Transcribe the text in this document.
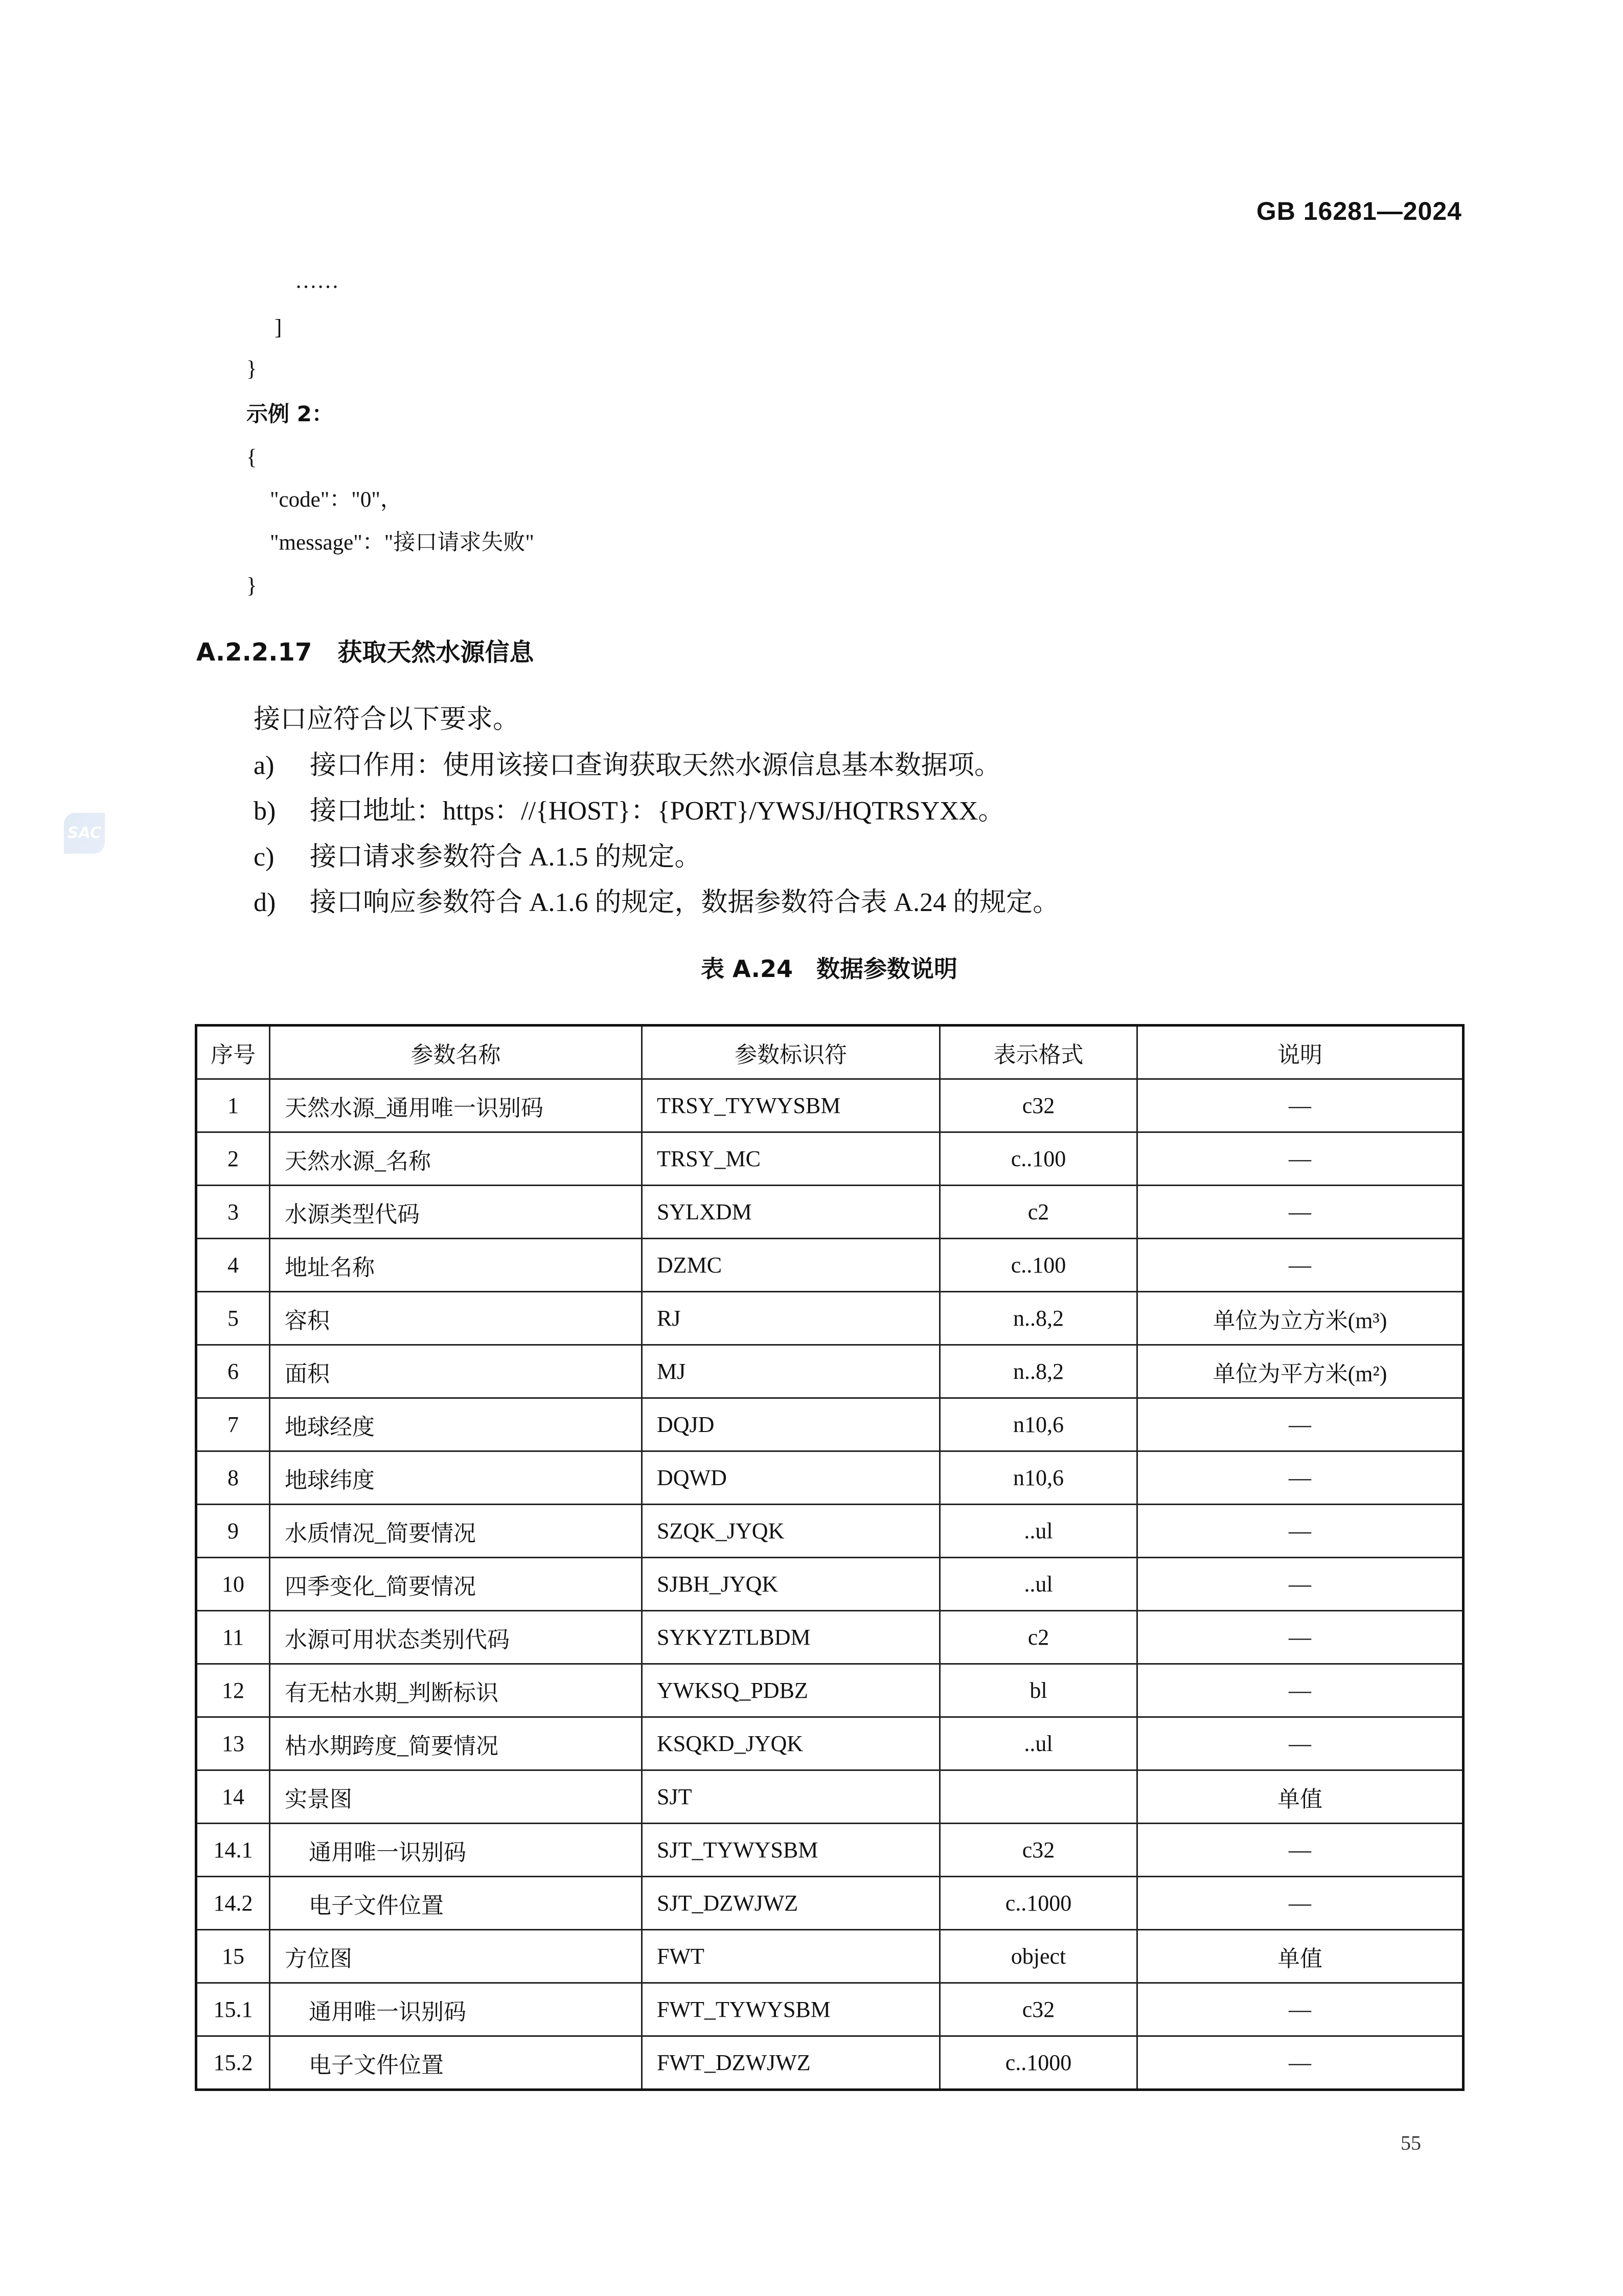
GB 16281—2024
……
]
}
示例 2：
{
"code"："0"，
"message"："接口请求失败"
}
A.2.2.17 获取天然水源信息
接口应符合以下要求。
a) 接口作用：使用该接口查询获取天然水源信息基本数据项。
b) 接口地址：https：//{HOST}：{PORT}/YWSJ/HQTRSYXX。
c) 接口请求参数符合 A.1.5 的规定。
d) 接口响应参数符合 A.1.6 的规定，数据参数符合表 A.24 的规定。
SAC
表 A.24　数据参数说明
序号	参数名称	参数标识符	表示格式	说明
1	天然水源_通用唯一识别码	TRSY_TYWYSBM	c32	—
2	天然水源_名称	TRSY_MC	c..100	—
3	水源类型代码	SYLXDM	c2	—
4	地址名称	DZMC	c..100	—
5	容积	RJ	n..8,2	单位为立方米(m³)
6	面积	MJ	n..8,2	单位为平方米(m²)
7	地球经度	DQJD	n10,6	—
8	地球纬度	DQWD	n10,6	—
9	水质情况_简要情况	SZQK_JYQK	..ul	—
10	四季变化_简要情况	SJBH_JYQK	..ul	—
11	水源可用状态类别代码	SYKYZTLBDM	c2	—
12	有无枯水期_判断标识	YWKSQ_PDBZ	bl	—
13	枯水期跨度_简要情况	KSQKD_JYQK	..ul	—
14	实景图	SJT		单值
14.1	通用唯一识别码	SJT_TYWYSBM	c32	—
14.2	电子文件位置	SJT_DZWJWZ	c..1000	—
15	方位图	FWT	object	单值
15.1	通用唯一识别码	FWT_TYWYSBM	c32	—
15.2	电子文件位置	FWT_DZWJWZ	c..1000	—
55
